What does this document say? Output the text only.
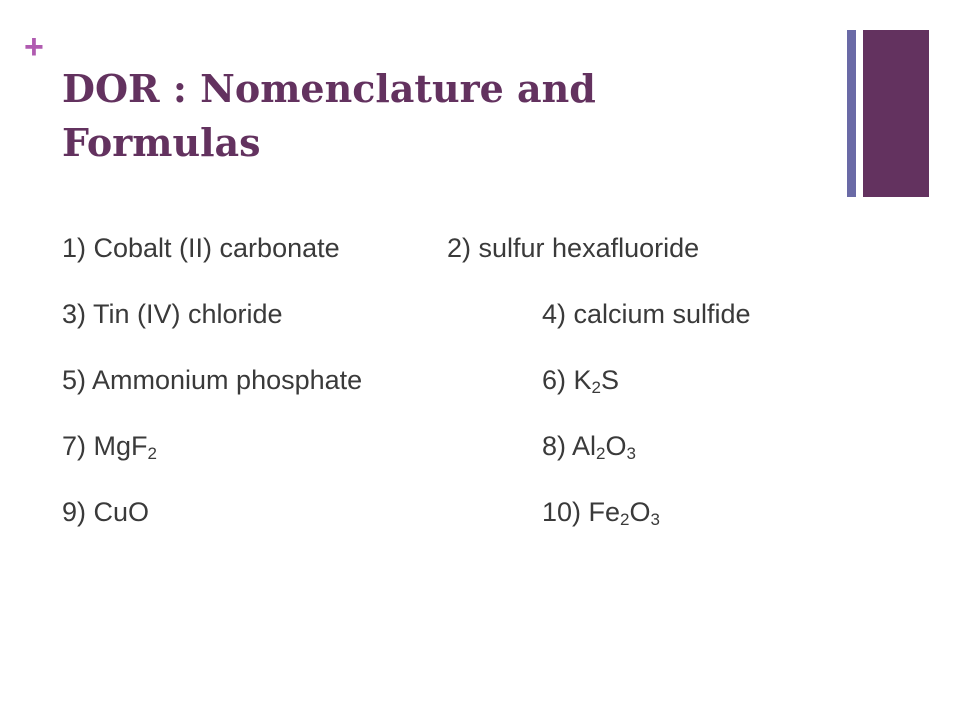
+
DOR : Nomenclature and Formulas
1) Cobalt (II) carbonate	2) sulfur hexafluoride
3) Tin (IV) chloride	4) calcium sulfide
5) Ammonium phosphate	6) $K_2S$
7) MgF$_2$	8) $Al_2O_3$
9) CuO	10) $Fe_2O_3$
